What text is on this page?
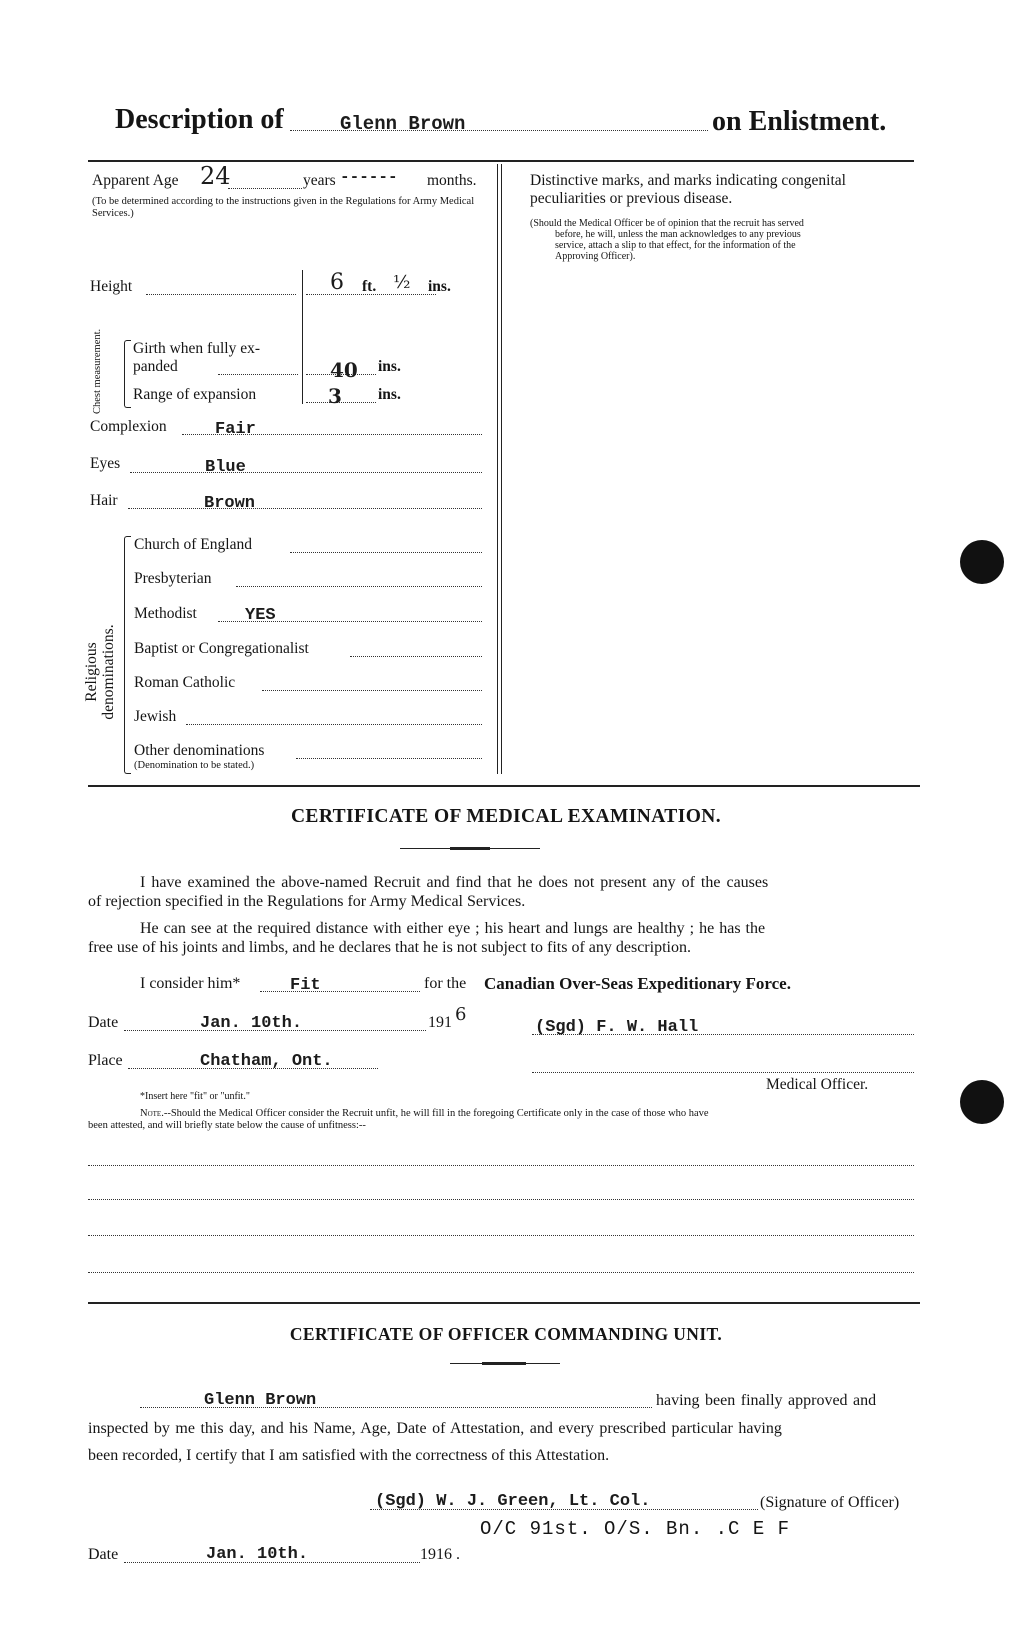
Description of	Glenn Brown	on Enlistment.
Apparent Age 24	years ------ months.
(To be determined according to the instructions given in the Regulations for Army Medical Services.)
Height	6 ft. ½ ins.
Chest measurement. Girth when fully ex-
panded	40 ins.
Range of expansion	3 ins.
Complexion	Fair
Eyes	Blue
Hair	Brown
Religious denominations.
Church of England
Presbyterian
Methodist	YES
Baptist or Congregationalist
Roman Catholic
Jewish
Other denominations
(Denomination to be stated.)
Distinctive marks, and marks indicating congenital
peculiarities or previous disease.
(Should the Medical Officer be of opinion that the recruit has served
before, he will, unless the man acknowledges to any previous
service, attach a slip to that effect, for the information of the
Approving Officer).
CERTIFICATE OF MEDICAL EXAMINATION.
I have examined the above-named Recruit and find that he does not present any of the causes
of rejection specified in the Regulations for Army Medical Services.
He can see at the required distance with either eye ; his heart and lungs are healthy ; he has the
free use of his joints and limbs, and he declares that he is not subject to fits of any description.
I consider him*	Fit	for the Canadian Over-Seas Expeditionary Force.
Date	Jan. 10th.	191 6
(Sgd) F. W. Hall
Place	Chatham, Ont.
Medical Officer.
*Insert here "fit" or "unfit."
Note.--Should the Medical Officer consider the Recruit unfit, he will fill in the foregoing Certificate only in the case of those who have
been attested, and will briefly state below the cause of unfitness:--
CERTIFICATE OF OFFICER COMMANDING UNIT.
Glenn Brown	having been finally approved and
inspected by me this day, and his Name, Age, Date of Attestation, and every prescribed particular having
been recorded, I certify that I am satisfied with the correctness of this Attestation.
(Sgd) W. J. Green, Lt. Col.	(Signature of Officer)
O/C 91st. O/S. Bn. .C E F
Date	Jan. 10th.	1916 .
